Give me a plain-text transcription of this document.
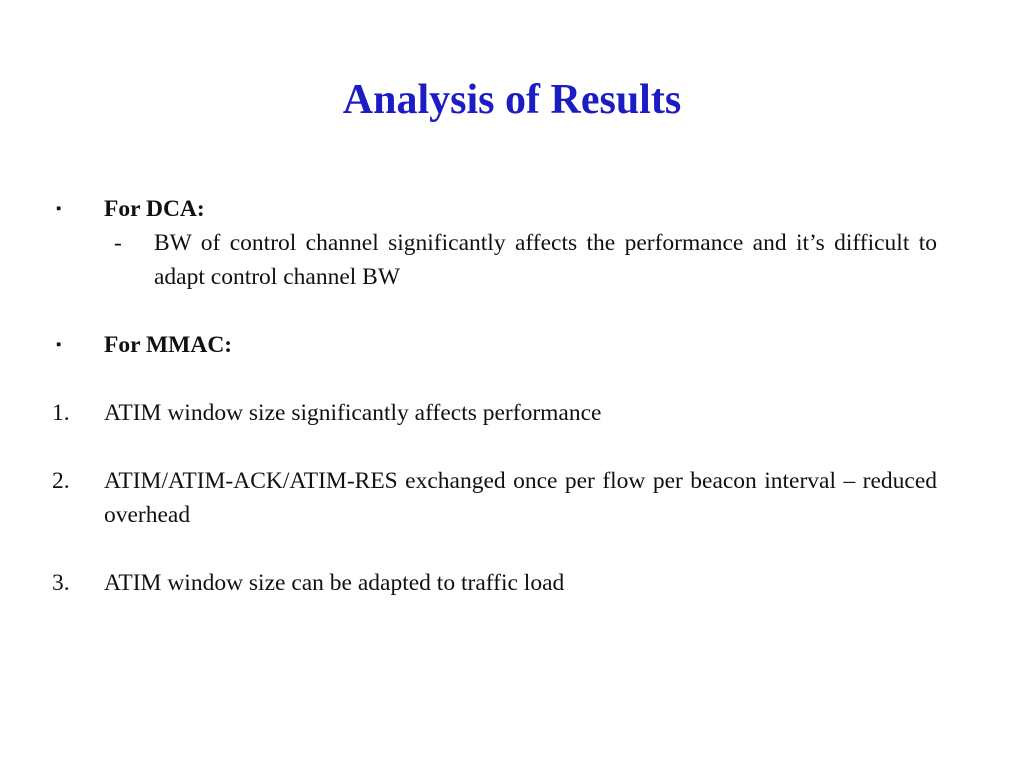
Analysis of Results
▪ For DCA:
- BW of control channel significantly affects the performance and it’s difficult to adapt control channel BW
▪ For MMAC:
1. ATIM window size significantly affects performance
2. ATIM/ATIM-ACK/ATIM-RES exchanged once per flow per beacon interval – reduced overhead
3. ATIM window size can be adapted to traffic load
